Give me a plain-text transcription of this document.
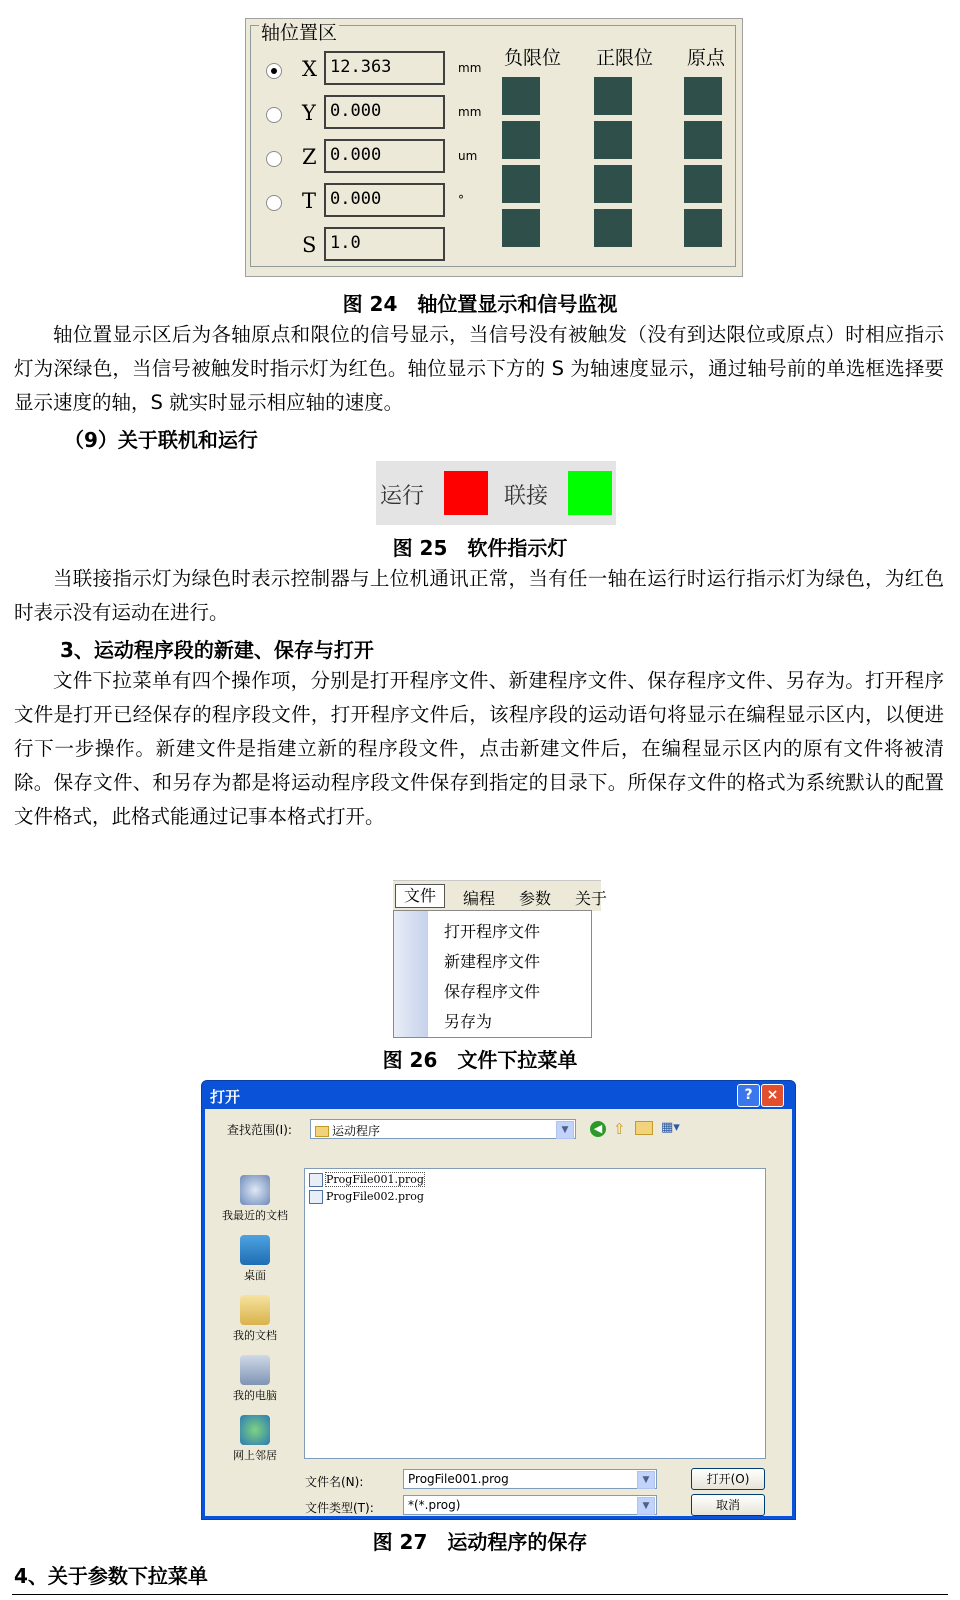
轴位置区
X 12.363	mm
Y 0.000	mm
Z 0.000	um
T 0.000	°
S 1.0
负限位 正限位 原点
图 24　轴位置显示和信号监视

轴位置显示区后为各轴原点和限位的信号显示，当信号没有被触发（没有到达限位或原点）时相应指示灯为深绿色，当信号被触发时指示灯为红色。轴位显示下方的 S 为轴速度显示，通过轴号前的单选框选择要显示速度的轴，S 就实时显示相应轴的速度。

（9）关于联机和运行
运行	联接
图 25　软件指示灯

当联接指示灯为绿色时表示控制器与上位机通讯正常，当有任一轴在运行时运行指示灯为绿色，为红色时表示没有运动在进行。

3、运动程序段的新建、保存与打开

文件下拉菜单有四个操作项，分别是打开程序文件、新建程序文件、保存程序文件、另存为。打开程序文件是打开已经保存的程序段文件，打开程序文件后，该程序段的运动语句将显示在编程显示区内，以便进行下一步操作。新建文件是指建立新的程序段文件，点击新建文件后，在编程显示区内的原有文件将被清除。保存文件、和另存为都是将运动程序段文件保存到指定的目录下。所保存文件的格式为系统默认的配置文件格式，此格式能通过记事本格式打开。

文件	编程 参数 关于
打开程序文件
新建程序文件
保存程序文件
另存为
图 26　文件下拉菜单
打开	?	×
查找范围(I):	运动程序	▼	◀ ⇧	▦▾
我最近的文档
桌面
我的文档
我的电脑
网上邻居
ProgFile001.prog
ProgFile002.prog
文件名(N):	ProgFile001.prog	▼
文件类型(T):	*(*.prog)	▼
打开(O)
取消
图 27　运动程序的保存
4、关于参数下拉菜单
